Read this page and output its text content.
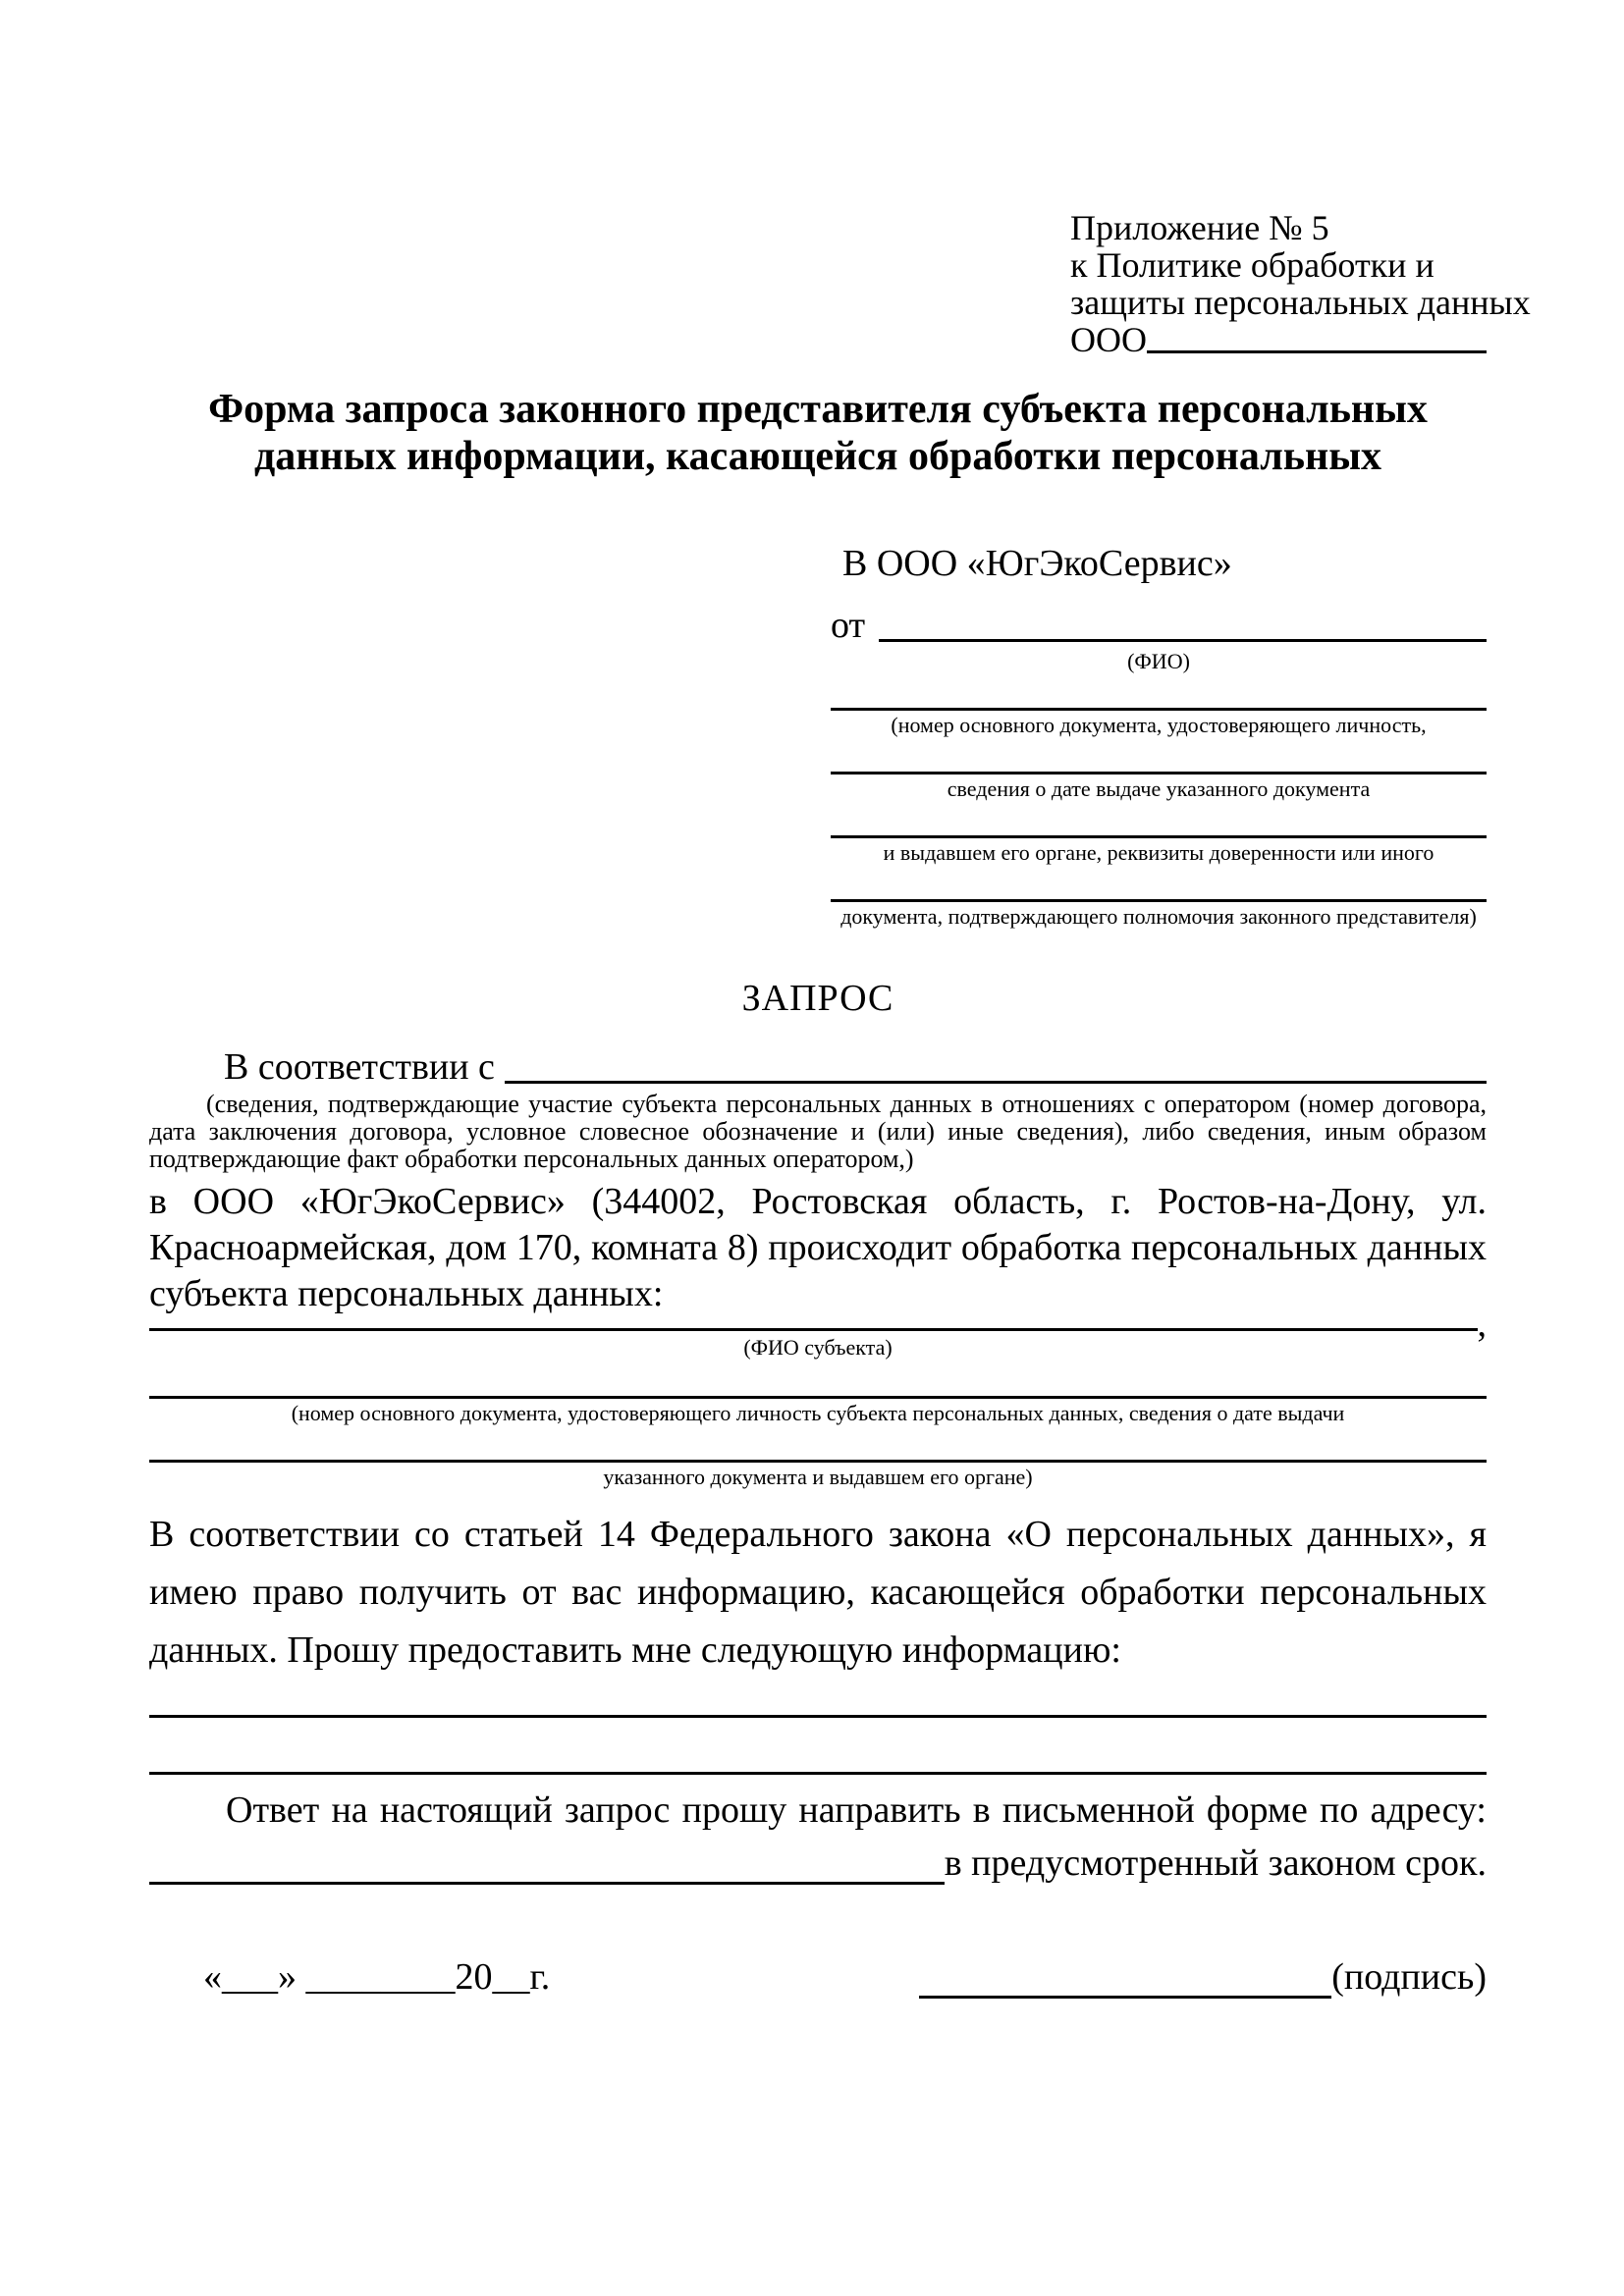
Приложение № 5
к Политике обработки и
защиты персональных данных
ООО
Форма запроса законного представителя субъекта персональных
данных информации, касающейся обработки персональных
В ООО «ЮгЭкоСервис»
от
(ФИО)
(номер основного документа, удостоверяющего личность,
сведения о дате выдаче указанного документа
и выдавшем его органе, реквизиты доверенности или иного
документа, подтверждающего полномочия законного представителя)
ЗАПРОС
В соответствии с
(сведения, подтверждающие участие субъекта персональных данных в отношениях с оператором (номер договора, дата заключения договора, условное словесное обозначение и (или) иные сведения), либо сведения, иным образом подтверждающие факт обработки персональных данных оператором,)

в ООО «ЮгЭкоСервис» (344002, Ростовская область, г. Ростов-на-Дону, ул. Красноармейская, дом 170, комната 8) происходит обработка персональных данных субъекта персональных данных:

,
(ФИО субъекта)
(номер основного документа, удостоверяющего личность субъекта персональных данных, сведения о дате выдачи
указанного документа и выдавшем его органе)

В соответствии со статьей 14 Федерального закона «О персональных данных», я имею право получить от вас информацию, касающейся обработки персональных данных. Прошу предоставить мне следующую информацию:

Ответ на настоящий запрос прошу направить в письменной форме по адресу:

в предусмотренный законом срок.
«___» ________20__г.	(подпись)
